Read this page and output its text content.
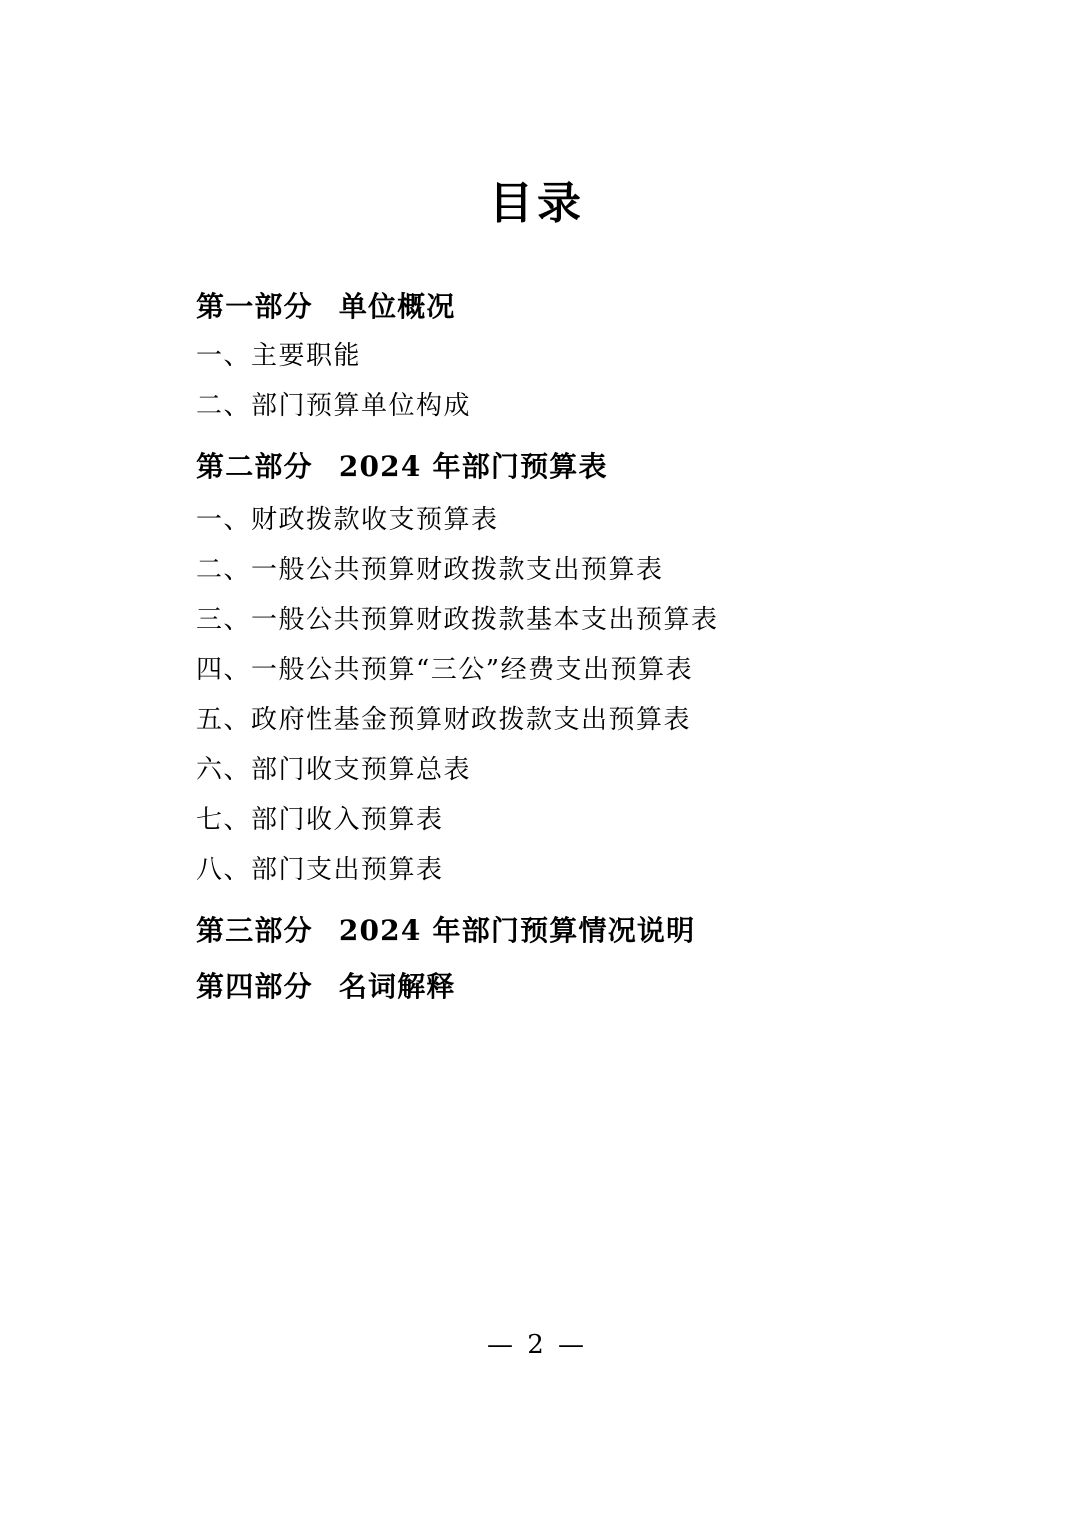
目录
第一部分 单位概况
一、主要职能
二、部门预算单位构成
第二部分 2024 年部门预算表
一、财政拨款收支预算表
二、一般公共预算财政拨款支出预算表
三、一般公共预算财政拨款基本支出预算表
四、一般公共预算“三公”经费支出预算表
五、政府性基金预算财政拨款支出预算表
六、部门收支预算总表
七、部门收入预算表
八、部门支出预算表
第三部分 2024 年部门预算情况说明
第四部分 名词解释
— 2 —
